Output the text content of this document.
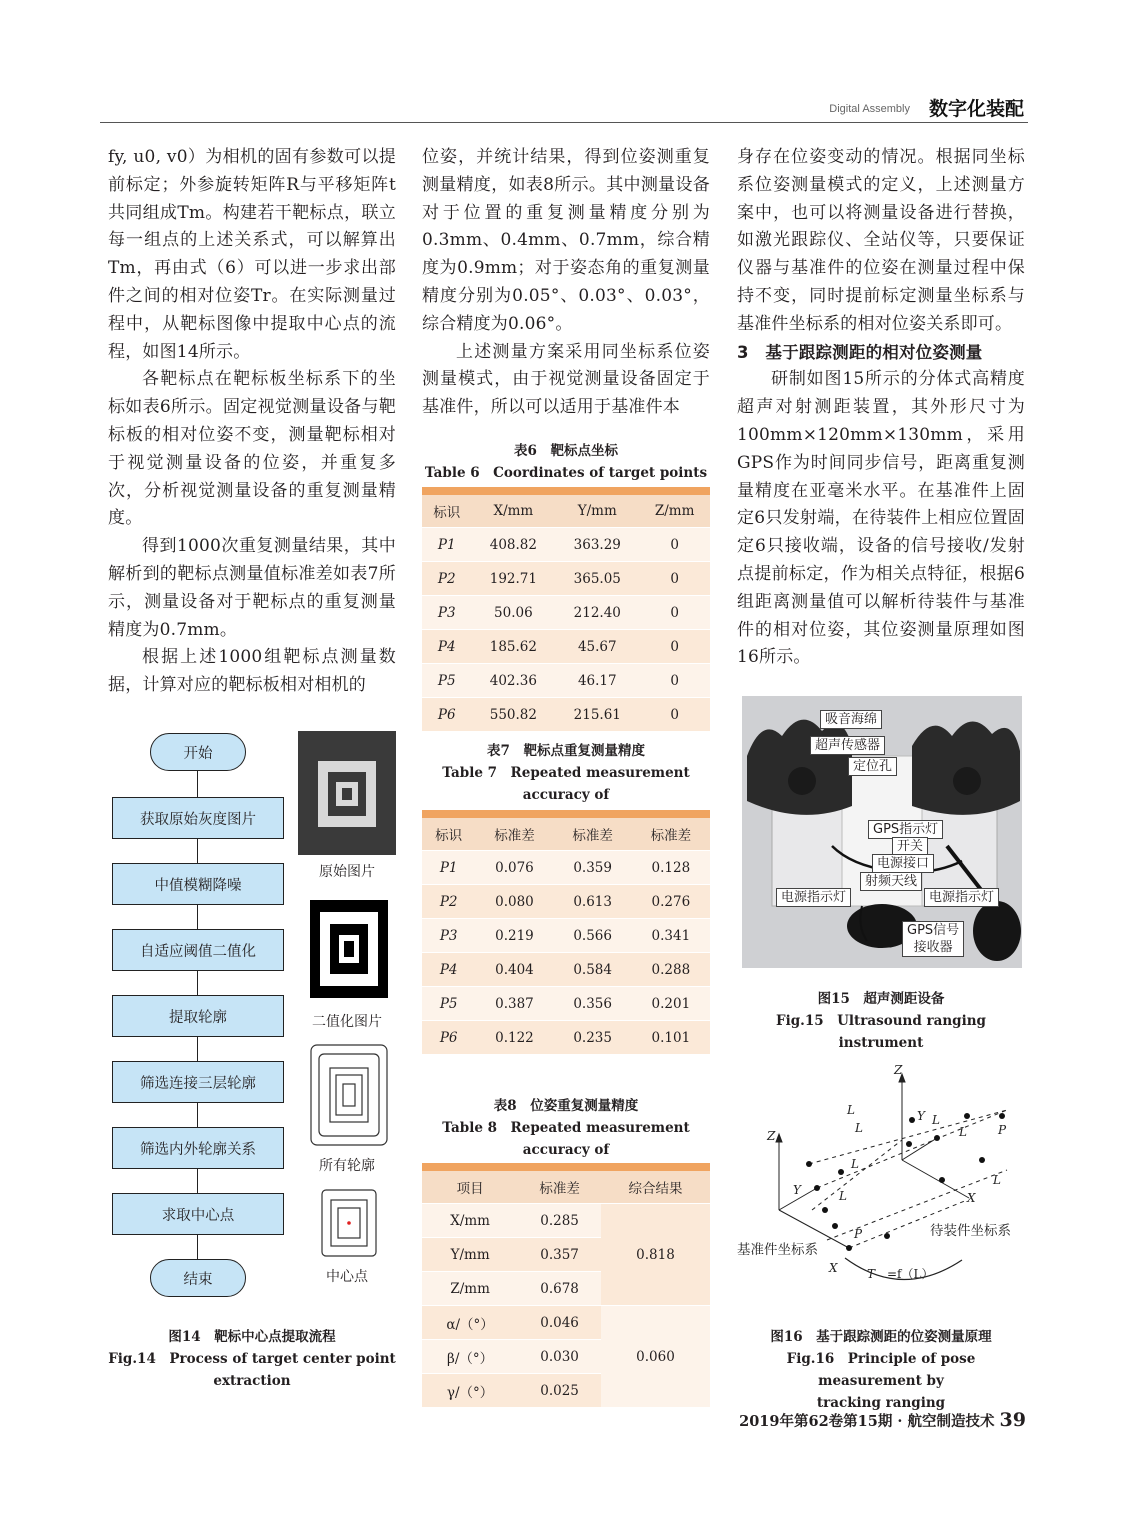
Digital Assembly 数字化装配

fy, u0, v0）为相机的固有参数可以提前标定；外参旋转矩阵R与平移矩阵t共同组成Tm。构建若干靶标点，联立每一组点的上述关系式，可以解算出Tm，再由式（6）可以进一步求出部件之间的相对位姿Tr。在实际测量过程中，从靶标图像中提取中心点的流程，如图14所示。

各靶标点在靶标板坐标系下的坐标如表6所示。固定视觉测量设备与靶标板的相对位姿不变，测量靶标相对于视觉测量设备的位姿，并重复多次，分析视觉测量设备的重复测量精度。

得到1000次重复测量结果，其中解析到的靶标点测量值标准差如表7所示，测量设备对于靶标点的重复测量精度为0.7mm。

根据上述1000组靶标点测量数据，计算对应的靶标板相对相机的

位姿，并统计结果，得到位姿测重复测量精度，如表8所示。其中测量设备对于位置的重复测量精度分别为0.3mm、0.4mm、0.7mm，综合精度为0.9mm；对于姿态角的重复测量精度分别为0.05°、0.03°、0.03°，综合精度为0.06°。

上述测量方案采用同坐标系位姿测量模式，由于视觉测量设备固定于基准件，所以可以适用于基准件本

身存在位姿变动的情况。根据同坐标系位姿测量模式的定义，上述测量方案中，也可以将测量设备进行替换，如激光跟踪仪、全站仪等，只要保证仪器与基准件的位姿在测量过程中保持不变，同时提前标定测量坐标系与基准件坐标系的相对位姿关系即可。

3　基于跟踪测距的相对位姿测量

研制如图15所示的分体式高精度超声对射测距装置，其外形尺寸为100mm×120mm×130mm，采用GPS作为时间同步信号，距离重复测量精度在亚毫米水平。在基准件上固定6只发射端，在待装件上相应位置固定6只接收端，设备的信号接收/发射点提前标定，作为相关点特征，根据6组距离测量值可以解析待装件与基准件的相对位姿，其位姿测量原理如图16所示。

表6　靶标点坐标
Table 6　Coordinates of target points
标识	X/mm	Y/mm	Z/mm
P1	408.82	363.29	0
P2	192.71	365.05	0
P3	50.06	212.40	0
P4	185.62	45.67	0
P5	402.36	46.17	0
P6	550.82	215.61	0
表7　靶标点重复测量精度
Table 7　Repeated measurement accuracy of
标识	标准差	标准差	标准差
P1	0.076	0.359	0.128
P2	0.080	0.613	0.276
P3	0.219	0.566	0.341
P4	0.404	0.584	0.288
P5	0.387	0.356	0.201
P6	0.122	0.235	0.101
表8　位姿重复测量精度
Table 8　Repeated measurement accuracy of
项目	标准差	综合结果
X/mm	0.285	0.818
Y/mm	0.357	
Z/mm	0.678	
α/（°）	0.046	0.060
β/（°）	0.030	
γ/（°）	0.025	
开始
获取原始灰度图片
中值模糊降噪
自适应阈值二值化
提取轮廓
筛选连接三层轮廓
筛选内外轮廓关系
求取中心点
结束
原始图片
二值化图片
所有轮廓
中心点
图14　靶标中心点提取流程
Fig.14　Process of target center point
extraction
吸音海绵
超声传感器
定位孔
GPS指示灯
开关
电源接口
射频天线
电源指示灯	电源指示灯
GPS信号
接收器
图15　超声测距设备
Fig.15　Ultrasound ranging instrument
Z
Y
X
Z
Y
X
L
L
L
L
L
L
L
P
P
T =f（L）
基准件坐标系
待装件坐标系
图16　基于跟踪测距的位姿测量原理
Fig.16　Principle of pose measurement by
tracking ranging
2019年第62卷第15期 · 航空制造技术 39
